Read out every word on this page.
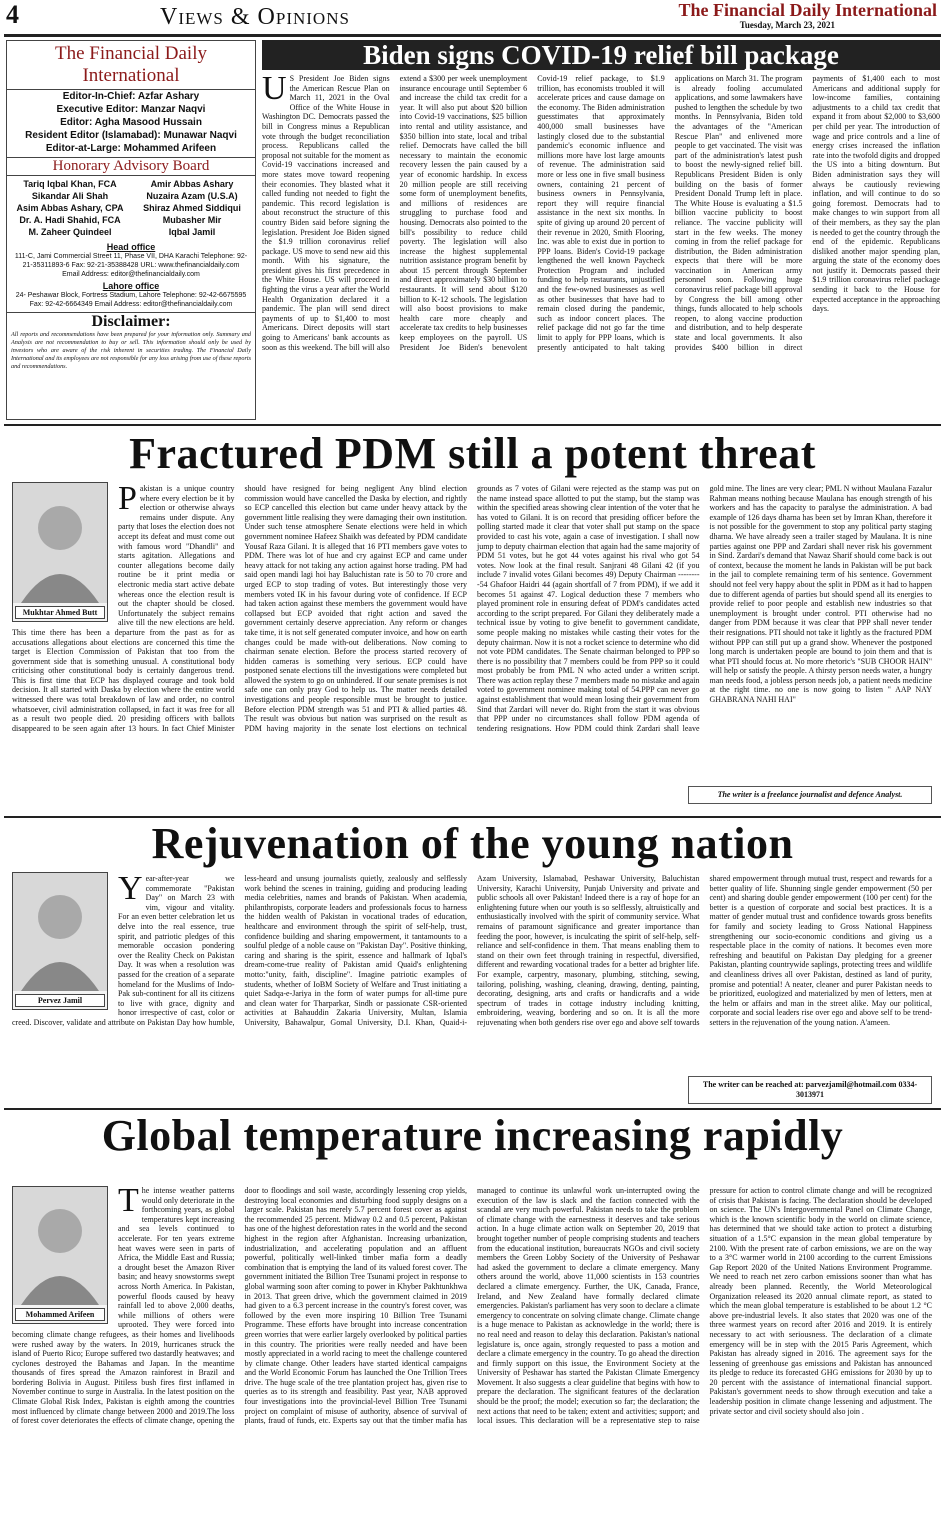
4	Views & Opinions	The Financial Daily International
Tuesday, March 23, 2021
The Financial Daily International
Editor-In-Chief: Azfar Ashary
Executive Editor: Manzar Naqvi
Editor: Agha Masood Hussain
Resident Editor (Islamabad): Munawar Naqvi
Editor-at-Large: Mohammed Arifeen
Honorary Advisory Board
Tariq Iqbal Khan, FCA	Amir Abbas Ashary
Sikandar Ali Shah	Nuzaira Azam (U.S.A)
Asim Abbas Ashary, CPA	Shiraz Ahmed Siddiqui
Dr. A. Hadi Shahid, FCA	Mubasher Mir
M. Zaheer Quindeel	Iqbal Jamil
Head office
111-C, Jami Commercial Street 11, Phase VII, DHA Karachi Telephone: 92-21-35311893-6 Fax: 92-21-35388428 URL: www.thefinancialdaily.com Email Address: editor@thefinancialdaily.com
Lahore office
24- Peshawar Block, Fortress Stadium, Lahore Telephone: 92-42-6675595 Fax: 92-42-6664349 Email Address: editor@thefinancialdaily.com
Disclaimer:
All reports and recommendations have been prepared for your information only. Summary and Analysis are not recommendation to buy or sell. This information should only be used by investors who are aware of the risk inherent in securities trading. The Financial Daily International and its employees are not responsible for any loss arising from use of these reports and recommendations.
Biden signs COVID-19 relief bill package
U S President Joe Biden signs the American Rescue Plan on March 11, 2021 in the Oval Office of the White House in Washington DC. Democrats passed the bill in Congress minus a Republican vote through the budget reconciliation process. Republicans called the proposal not suitable for the moment as Covid-19 vaccinations increased and more states move toward reopening their economies. They blasted what it called funding not needed to fight the pandemic. This record legislation is about reconstruct the structure of this country Biden said before signing the legislation. President Joe Biden signed the $1.9 trillion coronavirus relief package. US move to send new aid this month. With his signature, the president gives his first precedence in the White House. US will proceed in fighting the virus a year after the World Health Organization declared it a pandemic. The plan will send direct payments of up to $1,400 to most Americans. Direct deposits will start going to Americans' bank accounts as soon as this weekend. The bill will also extend a $300 per week unemployment insurance encourage until September 6 and increase the child tax credit for a year. It will also put about $20 billion into Covid-19 vaccinations, $25 billion into rental and utility assistance, and $350 billion into state, local and tribal relief. Democrats have called the bill necessary to maintain the economic recovery lessen the pain caused by a year of economic hardship. In excess 20 million people are still receiving some form of unemployment benefits, and millions of residences are struggling to purchase food and housing. Democrats also pointed to the bill's possibility to reduce child poverty. The legislation will also increase the highest supplemental nutrition assistance program benefit by about 15 percent through September and direct approximately $30 billion to restaurants. It will send about $120 billion to K-12 schools. The legislation will also boost provisions to make health care more cheaply and accelerate tax credits to help businesses keep employees on the payroll. US President Joe Biden's benevolent Covid-19 relief package, to $1.9 trillion, has economists troubled it will accelerate prices and cause damage on the economy. The Biden administration guesstimates that approximately 400,000 small businesses have lastingly closed due to the substantial pandemic's economic influence and millions more have lost large amounts of revenue. The administration said more or less one in five small business owners, containing 21 percent of business owners in Pennsylvania, report they will require financial assistance in the next six months. In spite of giving up around 20 percent of their revenue in 2020, Smith Flooring, Inc. was able to exist due in portion to PPP loans. Biden's Covid-19 package lengthened the well known Paycheck Protection Program and included funding to help restaurants, unjustified and the few-owned businesses as well as other businesses that have had to remain closed during the pandemic, such as indoor concert places. The relief package did not go far the time limit to apply for PPP loans, which is presently anticipated to halt taking applications on March 31. The program is already fooling accumulated applications, and some lawmakers have pushed to lengthen the schedule by two months. In Pennsylvania, Biden told the advantages of the "American Rescue Plan" and enlivened more people to get vaccinated. The visit was part of the administration's latest push to boost the newly-signed relief bill. Republicans President Biden is only building on the basis of former President Donald Trump left in place. The White House is evaluating a $1.5 billion vaccine publicity to boost reliance. The vaccine publicity will start in the few weeks. The money coming in from the relief package for distribution, the Biden administration expects that there will be more vaccination in American army personnel soon. Following huge coronavirus relief package bill approval by Congress the bill among other things, funds allocated to help schools reopen, to along vaccine production and distribution, and to help desperate state and local governments. It also provides $400 billion in direct payments of $1,400 each to most Americans and additional supply for low-income families, containing adjustments to a child tax credit that expand it from about $2,000 to $3,600 per child per year. The introduction of wage and price controls and a line of energy crises increased the inflation rate into the twofold digits and dropped the US into a biting downturn. But Biden administration says they will always be cautiously reviewing inflation, and will continue to do so going foremost. Democrats had to make changes to win support from all of their members, as they say the plan is needed to get the country through the end of the epidemic. Republicans disliked another major spending plan, arguing the state of the economy does not justify it. Democrats passed their $1.9 trillion coronavirus relief package sending it back to the House for expected acceptance in the approaching days.
Fractured PDM still a potent threat
Mukhtar Ahmed Butt
Pakistan is a unique country where every election be it by election or otherwise always remains under dispute. Any party that loses the election does not accept its defeat and must come out with famous word "Dhandli" and starts agitation. Allegations and counter allegations become daily routine be it print media or electronic media start active debate whereas once the election result is out the chapter should be closed. Unfortunately the subject remains alive till the new elections are held. This time there has been a departure from the past as for as accusations allegations about elections are concerned this time the target is Election Commission of Pakistan that too from the government side that is something unusual. A constitutional body criticising other constitutional body is certainly dangerous trend. This is first time that ECP has displayed courage and took bold decision. It all started with Daska by election where the entire world witnessed there was total breakdown of law and order, no control whatsoever, civil administration collapsed, in fact it was free for all as a result two people died. 20 presiding officers with ballots disappeared to be seen again after 13 hours. In fact Chief Minister should have resigned for being negligent Any blind election commission would have cancelled the Daska by election, and rightly so ECP cancelled this election but came under heavy attack by the government little realising they were damaging their own institution. Under such tense atmosphere Senate elections were held in which government nominee Hafeez Shaikh was defeated by PDM candidate Yousaf Raza Gilani. It is alleged that 16 PTI members gave votes to PDM. There was lot of hue and cry against ECP and came under heavy attack for not taking any action against horse trading. PM had said open mandi lagi hoi hay Baluchistan rate is 50 to 70 crore and urged ECP to stop trading of votes. But interestingly those very members voted IK in his favour during vote of confidence. If ECP had taken action against these members the government would have collapsed but ECP avoided that right action and saved the government certainly deserve appreciation. Any reform or changes take time, it is not self generated computer invoice, and how on earth changes could be made with-out deliberations. Now coming to chairman senate election. Before the process started recovery of hidden cameras is something very serious. ECP could have postponed senate elections till the investigations were completed but allowed the system to go on unhindered. If our senate premises is not safe one can only pray God to help us. The matter needs detailed investigations and people responsible must be brought to justice. Before election PDM strength was 51 and PTI & allied parties 48. The result was obvious but nation was surprised on the result as PDM having majority in the senate lost elections on technical grounds as 7 votes of Gilani were rejected as the stamp was put on the name instead space allotted to put the stamp, but the stamp was within the specified areas showing clear intention of the voter that he has voted to Gilani. It is on record that presiding officer before the polling started made it clear that voter shall put stamp on the space provided to cast his vote, again a case of investigation. I shall now jump to deputy chairman election that again had the same majority of PDM 51 votes, but he got 44 votes against his rival who got 54 votes. Now look at the final result. Sanjrani 48 Gilani 42 (if you include 7 invalid votes Gilani becomes 49) Deputy Chairman ---------54 Ghafoor Haidri 44 (again shortfall of 7 from PDM), if we add it becomes 51 against 47. Logical deduction these 7 members who played prominent role in ensuring defeat of PDM's candidates acted according to the script prepared. For Gilani they deliberately made a technical issue by voting to give benefit to government candidate, some people making no mistakes while casting their votes for the deputy chairman. Now it is not a rocket science to determine who did not vote PDM candidates. The Senate chairman belonged to PPP so there is no possibility that 7 members could be from PPP so it could most probably be from PML N who acted under a written script. There was action replay these 7 members made no mistake and again voted to government nominee making total of 54.PPP can never go against establishment that would mean losing their government from Sind that Zardari will never do. Right from the start it was obvious that PPP under no circumstances shall follow PDM agenda of tendering resignations. How PDM could think Zardari shall leave gold mine. The lines are very clear; PML N without Maulana Fazalur Rahman means nothing because Maulana has enough strength of his workers and has the capacity to paralyse the administration. A bad example of 126 days dharna has been set by Imran Khan, therefore it is not possible for the government to stop any political party staging dharna. We have already seen a trailer staged by Maulana. It is nine parties against one PPP and Zardari shall never risk his government in Sind. Zardari's demand that Nawaz Sharif should come back is out of context, because the moment he lands in Pakistan will be put back in the jail to complete remaining term of his sentence. Government should not feel very happy about the split in PDM as it had to happen due to different agenda of parties but should spend all its energies to provide relief to poor people and establish new industries so that unemployment is brought under control. PTI otherwise had no danger from PDM because it was clear that PPP shall never tender their resignations. PTI should not take it lightly as the fractured PDM without PPP can still put up a grand show. Whenever the postponed long march is undertaken people are bound to join them and that is what PTI should focus at. No more rhetoric's "SUB CHOOR HAIN" will help or satisfy the people. A thirsty person needs water, a hungry man needs food, a jobless person needs job, a patient needs medicine at the right time. no one is now going to listen " AAP NAY GHABRANA NAHI HAI"
The writer is a freelance journalist and defence Analyst.
Rejuvenation of the young nation
Pervez Jamil
Year-after-year we commemorate "Pakistan Day" on March 23 with vim, vigour and vitality. For an even better celebration let us delve into the real essence, true spirit, and patriotic pledges of this memorable occasion pondering over the Reality Check on Pakistan Day. It was when a resolution was passed for the creation of a separate homeland for the Muslims of Indo-Pak sub-continent for all its citizens to live with grace, dignity and honor irrespective of cast, color or creed. Discover, validate and attribute on Pakistan Day how humble, less-heard and unsung journalists quietly, zealously and selflessly work behind the scenes in training, guiding and producing leading media celebrities, names and brands of Pakistan. When academia, philanthropists, corporate leaders and professionals focus to harness the hidden wealth of Pakistan in vocational trades of education, healthcare and environment through the spirit of self-help, trust, confidence building and sharing empowerment, it tantamounts to a soulful pledge of a noble cause on "Pakistan Day". Positive thinking, caring and sharing is the spirit, essence and hallmark of Iqbal's dream-come-true reality of Pakistan amid Quaid's enlightening motto:"unity, faith, discipline". Imagine patriotic examples of students, whether of IoBM Society of Welfare and Trust initiating a quiet Sadqa-e-Jariya in the form of water pumps for all-time pure and clean water for Tharparkar, Sindh or passionate CSR-oriented activities at Bahauddin Zakaria University, Multan, Islamia University, Bahawalpur, Gomal University, D.I. Khan, Quaid-i-Azam University, Islamabad, Peshawar University, Baluchistan University, Karachi University, Punjab University and private and public schools all over Pakistan! Indeed there is a ray of hope for an enlightening future when our youth is so selflessly, altruistically and enthusiastically involved with the spirit of community service. What remains of paramount significance and greater importance than feeding the poor, however, is inculcating the spirit of self-help, self-reliance and self-confidence in them. That means enabling them to stand on their own feet through training in respectful, diversified, different and rewarding vocational trades for a better ad brighter life. For example, carpentry, masonary, plumbing, stitching, sewing, tailoring, polishing, washing, cleaning, drawing, denting, painting, decorating, designing, arts and crafts or handicrafts and a wide spectrum of trades in cottage industry including knitting, embroidering, weaving, bordering and so on. It is all the more rejuvenating when both genders rise over ego and above self towards shared empowerment through mutual trust, respect and rewards for a better quality of life. Shunning single gender empowerment (50 per cent) and sharing double gender empowerment (100 per cent) for the better is a question of corporate and social best practices. It is a matter of gender mutual trust and confidence towards gross benefits for family and society leading to Gross National Happiness strengthening our socio-economic conditions and giving us a respectable place in the comity of nations. It becomes even more refreshing and beautiful on Pakistan Day pledging for a greener Pakistan, planting countrywide saplings, protecting trees and wildlife and cleanliness drives all over Pakistan, destined as land of purity, promise and potential! A neater, cleaner and purer Pakistan needs to be prioritized, euologized and materialized by men of letters, men at the helm or affairs and man in the street alike. May our political, corporate and social leaders rise over ego and above self to be trend-setters in the rejuvenation of the young nation. A'ameen.
The writer can be reached at: parvezjamil@hotmail.com 0334-3013971
Global temperature increasing rapidly
Mohammed Arifeen
The intense weather patterns would only deteriorate in the forthcoming years, as global temperatures kept increasing and sea levels continued to accelerate. For ten years extreme heat waves were seen in parts of Africa, the Middle East and Russia; a drought beset the Amazon River basin; and heavy snowstorms swept across North America. In Pakistan, powerful floods caused by heavy rainfall led to above 2,000 deaths, while millions of others were uprooted. They were forced into becoming climate change refugees, as their homes and livelihoods were rushed away by the waters. In 2019, hurricanes struck the island of Puerto Rico; Europe suffered two dastardly heatwaves; and cyclones destroyed the Bahamas and Japan. In the meantime thousands of fires spread the Amazon rainforest in Brazil and bordering Bolivia in August. Pitiless bush fires first inflamed in November continue to surge in Australia. In the latest position on the Climate Global Risk Index, Pakistan is eighth among the countries most influenced by climate change between 2000 and 2019.The loss of forest cover deteriorates the effects of climate change, opening the door to floodings and soil waste, accordingly lessening crop yields, destroying local economies and disturbing food supply designs on a larger scale. Pakistan has merely 5.7 percent forest cover as against the recommended 25 percent. Midway 0.2 and 0.5 percent, Pakistan has one of the highest deforestation rates in the world and the second highest in the region after Afghanistan. Increasing urbanization, industrialization, and accelerating population and an affluent powerful, politically well-linked timber mafia form a deadly combination that is emptying the land of its valued forest cover. The government initiated the Billion Tree Tsunami project in response to global warming soon after coming to power in Khyber Pakhtunkhwa in 2013. That green drive, which the government claimed in 2019 had given to a 6.3 percent increase in the country's forest cover, was followed by the even more inspiring 10 Billion Tree Tsunami Programme. These efforts have brought into increase concentration green worries that were earlier largely overlooked by political parties in this country. The priorities were really needed and have been mostly appreciated in a world racing to meet the challenge countered by climate change. Other leaders have started identical campaigns and the World Economic Forum has launched the One Trillion Trees drive. The huge scale of the tree plantation project has, given rise to queries as to its strength and feasibility. Past year, NAB approved four investigations into the provincial-level Billion Tree Tsunami project on complaint of misuse of authority, absence of survival of plants, fraud of funds, etc. Experts say out that the timber mafia has managed to continue its unlawful work un-interrupted owing the execution of the law is slack and the faction connected with the scandal are very much powerful. Pakistan needs to take the problem of climate change with the earnestness it deserves and take serious action. In a huge climate action walk on September 20, 2019 that brought together number of people comprising students and teachers from the educational institution, bureaucrats NGOs and civil society members the Green Lobby Society of the University of Peshawar had asked the government to declare a climate emergency. Many others around the world, above 11,000 scientists in 153 countries declared a climate emergency. Further, the UK, Canada, France, Ireland, and New Zealand have formally declared climate emergencies. Pakistan's parliament has very soon to declare a climate emergency to concentrate on solving climate change. Climate change is a huge menace to Pakistan as acknowledge in the world; there is no real need and reason to delay this declaration. Pakistan's national legislature is, once again, strongly requested to pass a motion and declare a climate emergency in the country. To go ahead the direction and firmly support on this issue, the Environment Society at the University of Peshawar has started the Pakistan Climate Emergency Movement. It also suggests a clear guideline that begins with how to prepare the declaration. The significant features of the declaration should be the proof; the model; execution so far; the declaration; the next actions that need to be taken; extent and activities; support; and local issues. This declaration will be a representative step to raise pressure for action to control climate change and will be recognized of crisis that Pakistan is facing. The declaration should be developed on science. The UN's Intergovernmental Panel on Climate Change, which is the known scientific body in the world on climate science, has determined that we should take action to protect a disturbing situation of a 1.5°C expansion in the mean global temperature by 2100. With the present rate of carbon emissions, we are on the way to a 3°C warmer world in 2100 according to the current Emissions Gap Report 2020 of the United Nations Environment Programme. We need to reach net zero carbon emissions sooner than what has already been planned. Recently, the World Meteorological Organization released its 2020 annual climate report, as stated to which the mean global temperature is established to be about 1.2 °C above pre-industrial levels. It also states that 2020 was one of the three warmest years on record after 2016 and 2019. It is entirely necessary to act with seriousness. The declaration of a climate emergency will be in step with the 2015 Paris Agreement, which Pakistan has already signed in 2016. The agreement says for the lessening of greenhouse gas emissions and Pakistan has announced its pledge to reduce its forecasted GHG emissions for 2030 by up to 20 percent with the assistance of international financial support. Pakistan's government needs to show through execution and take a leadership position in climate change lessening and adjustment. The private sector and civil society should also join .
